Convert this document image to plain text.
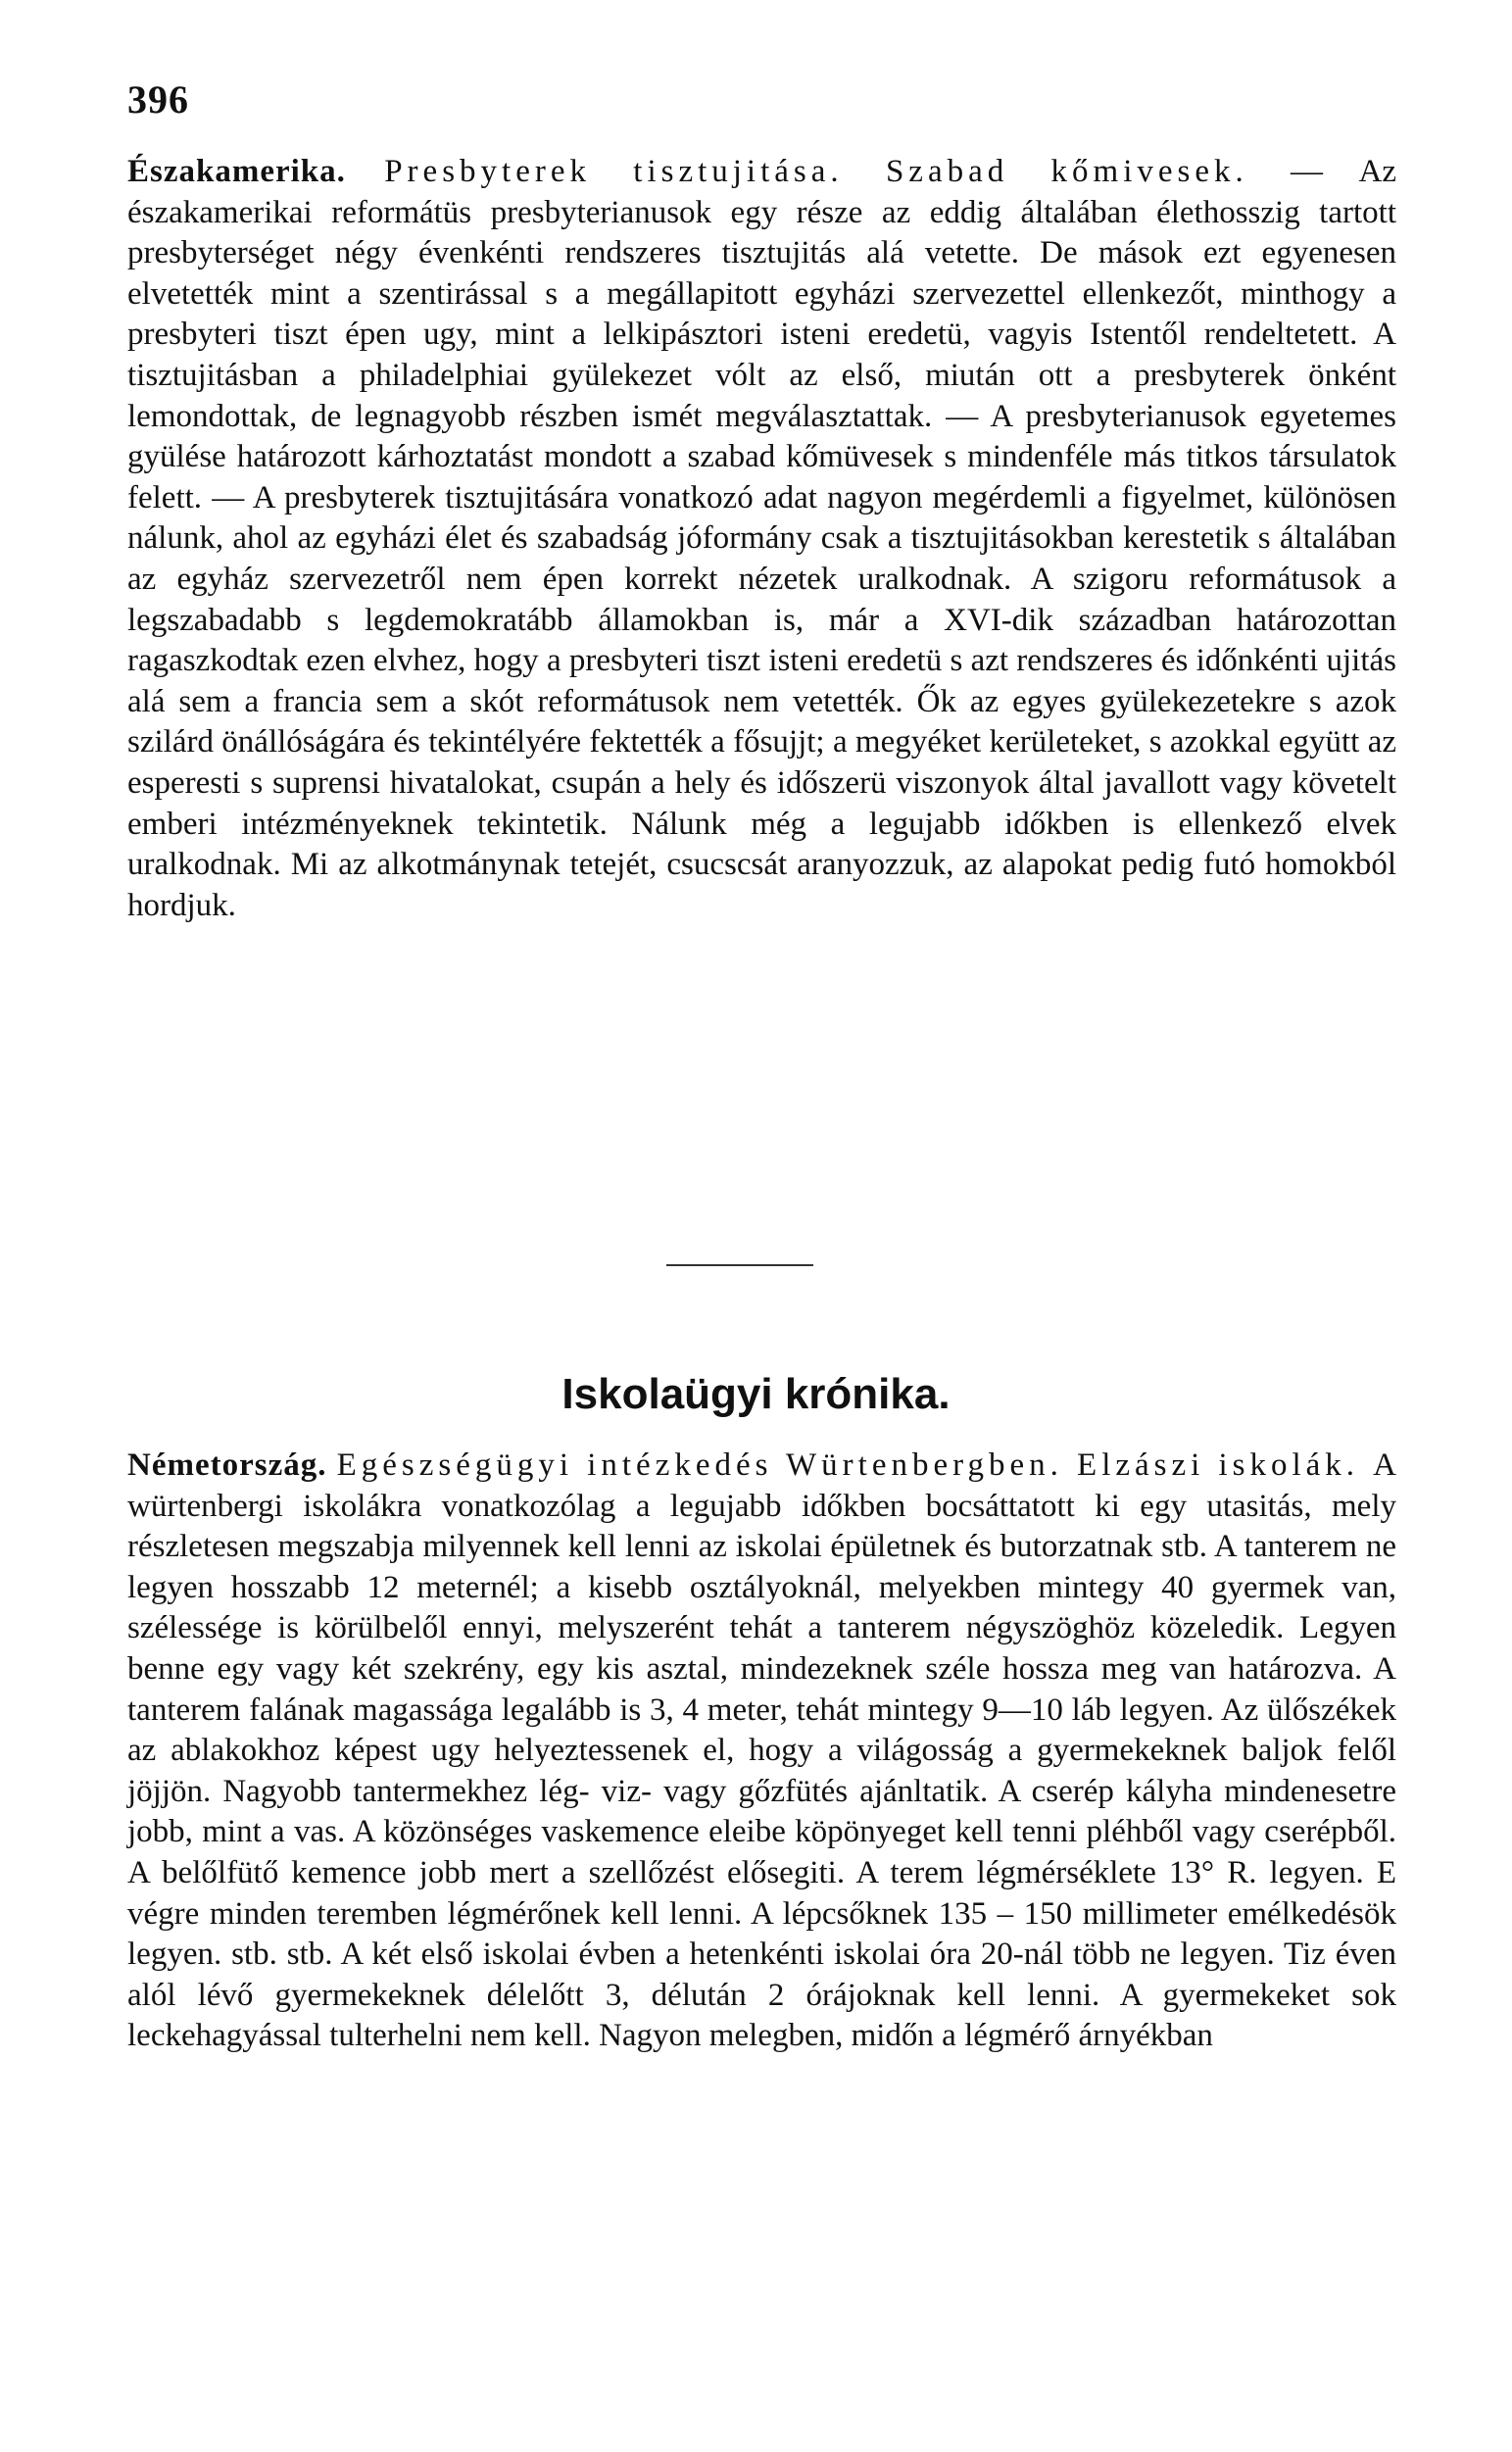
396
Északamerika. Presbyterek tisztujitása. Szabad kőmivesek. — Az északamerikai reformátüs presbyterianusok egy része az eddig általában élethosszig tartott presbyterséget négy évenkénti rendszeres tisztujitás alá vetette. De mások ezt egyenesen elvetették mint a szentirással s a megállapitott egyházi szervezettel ellenkezőt, minthogy a presbyteri tiszt épen ugy, mint a lelkipásztori isteni eredetü, vagyis Istentől rendeltetett. A tisztujitásban a philadelphiai gyülekezet vólt az első, miután ott a presbyterek önként lemondottak, de legnagyobb részben ismét megválasztattak. — A presbyterianusok egyetemes gyülése határozott kárhoztatást mondott a szabad kőmüvesek s mindenféle más titkos társulatok felett. — A presbyterek tisztujitására vonatkozó adat nagyon megérdemli a figyelmet, különösen nálunk, ahol az egyházi élet és szabadság jóformány csak a tisztujitásokban kerestetik s általában az egyház szervezetről nem épen korrekt nézetek uralkodnak. A szigoru reformátusok a legszabadabb s legdemokratább államokban is, már a XVI-dik században határozottan ragaszkodtak ezen elvhez, hogy a presbyteri tiszt isteni eredetü s azt rendszeres és időnkénti ujitás alá sem a francia sem a skót reformátusok nem vetették. Ők az egyes gyülekezetekre s azok szilárd önállóságára és tekintélyére fektették a fősujjt; a megyéket kerületeket, s azokkal együtt az esperesti s suprensi hivatalokat, csupán a hely és időszerü viszonyok által javallott vagy követelt emberi intézményeknek tekintetik. Nálunk még a legujabb időkben is ellenkező elvek uralkodnak. Mi az alkotmánynak tetejét, csucscsát aranyozzuk, az alapokat pedig futó homokból hordjuk.
Iskolaügyi krónika.
Németország. Egészségügyi intézkedés Würtenbergben. Elzászi iskolák. A würtenbergi iskolákra vonatkozólag a legujabb időkben bocsáttatott ki egy utasitás, mely részletesen megszabja milyennek kell lenni az iskolai épületnek és butorzatnak stb. A tanterem ne legyen hosszabb 12 meternél; a kisebb osztályoknál, melyekben mintegy 40 gyermek van, szélessége is körülbelől ennyi, melyszerént tehát a tanterem négyszöghöz közeledik. Legyen benne egy vagy két szekrény, egy kis asztal, mindezeknek széle hossza meg van határozva. A tanterem falának magassága legalább is 3, 4 meter, tehát mintegy 9—10 láb legyen. Az ülőszékek az ablakokhoz képest ugy helyeztessenek el, hogy a világosság a gyermekeknek baljok felől jöjjön. Nagyobb tantermekhez lég- viz- vagy gőzfütés ajánltatik. A cserép kályha mindenesetre jobb, mint a vas. A közönséges vaskemence eleibe köpönyeget kell tenni pléhből vagy cserépből. A belőlfütő kemence jobb mert a szellőzést elősegiti. A terem légmérséklete 13° R. legyen. E végre minden teremben légmérőnek kell lenni. A lépcsőknek 135 – 150 millimeter emélkedésök legyen. stb. stb. A két első iskolai évben a hetenkénti iskolai óra 20-nál több ne legyen. Tiz éven alól lévő gyermekeknek délelőtt 3, délután 2 órájoknak kell lenni. A gyermekeket sok leckehagyással tulterhelni nem kell. Nagyon melegben, midőn a légmérő árnyékban
